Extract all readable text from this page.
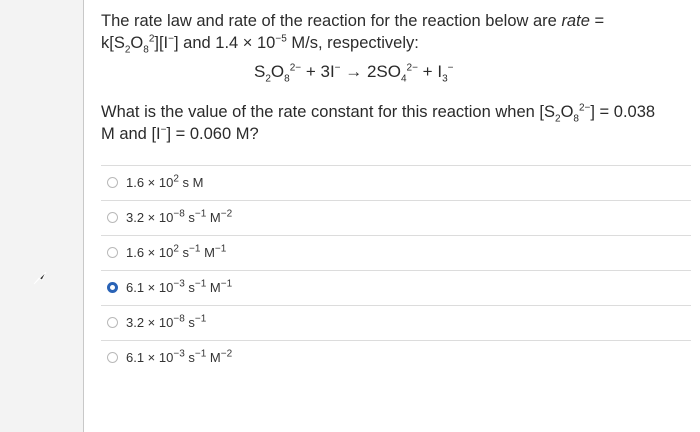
The rate law and rate of the reaction for the reaction below are rate =
$k[S_2O_8^2][I^-]$ and $1.4 \times 10^{-5}$ M/s, respectively:
$S_2O_8^{2-} + 3I^- \to 2SO_4^{2-} + I_3^-$
What is the value of the rate constant for this reaction when $[S_2O_8^{2-}] = 0.038$
M and [I−] = 0.060 M?
$1.6 \times 10^2$ s M
$3.2 \times 10^{-8}$ $s^{-1}$ $M^{-2}$
$1.6 \times 10^2$ $s^{-1}$ $M^{-1}$
$6.1 \times 10^{-3}$ $s^{-1}$ $M^{-1}$
$3.2 \times 10^{-8}$ $s^{-1}$
$6.1 \times 10^{-3}$ $s^{-1}$ $M^{-2}$
